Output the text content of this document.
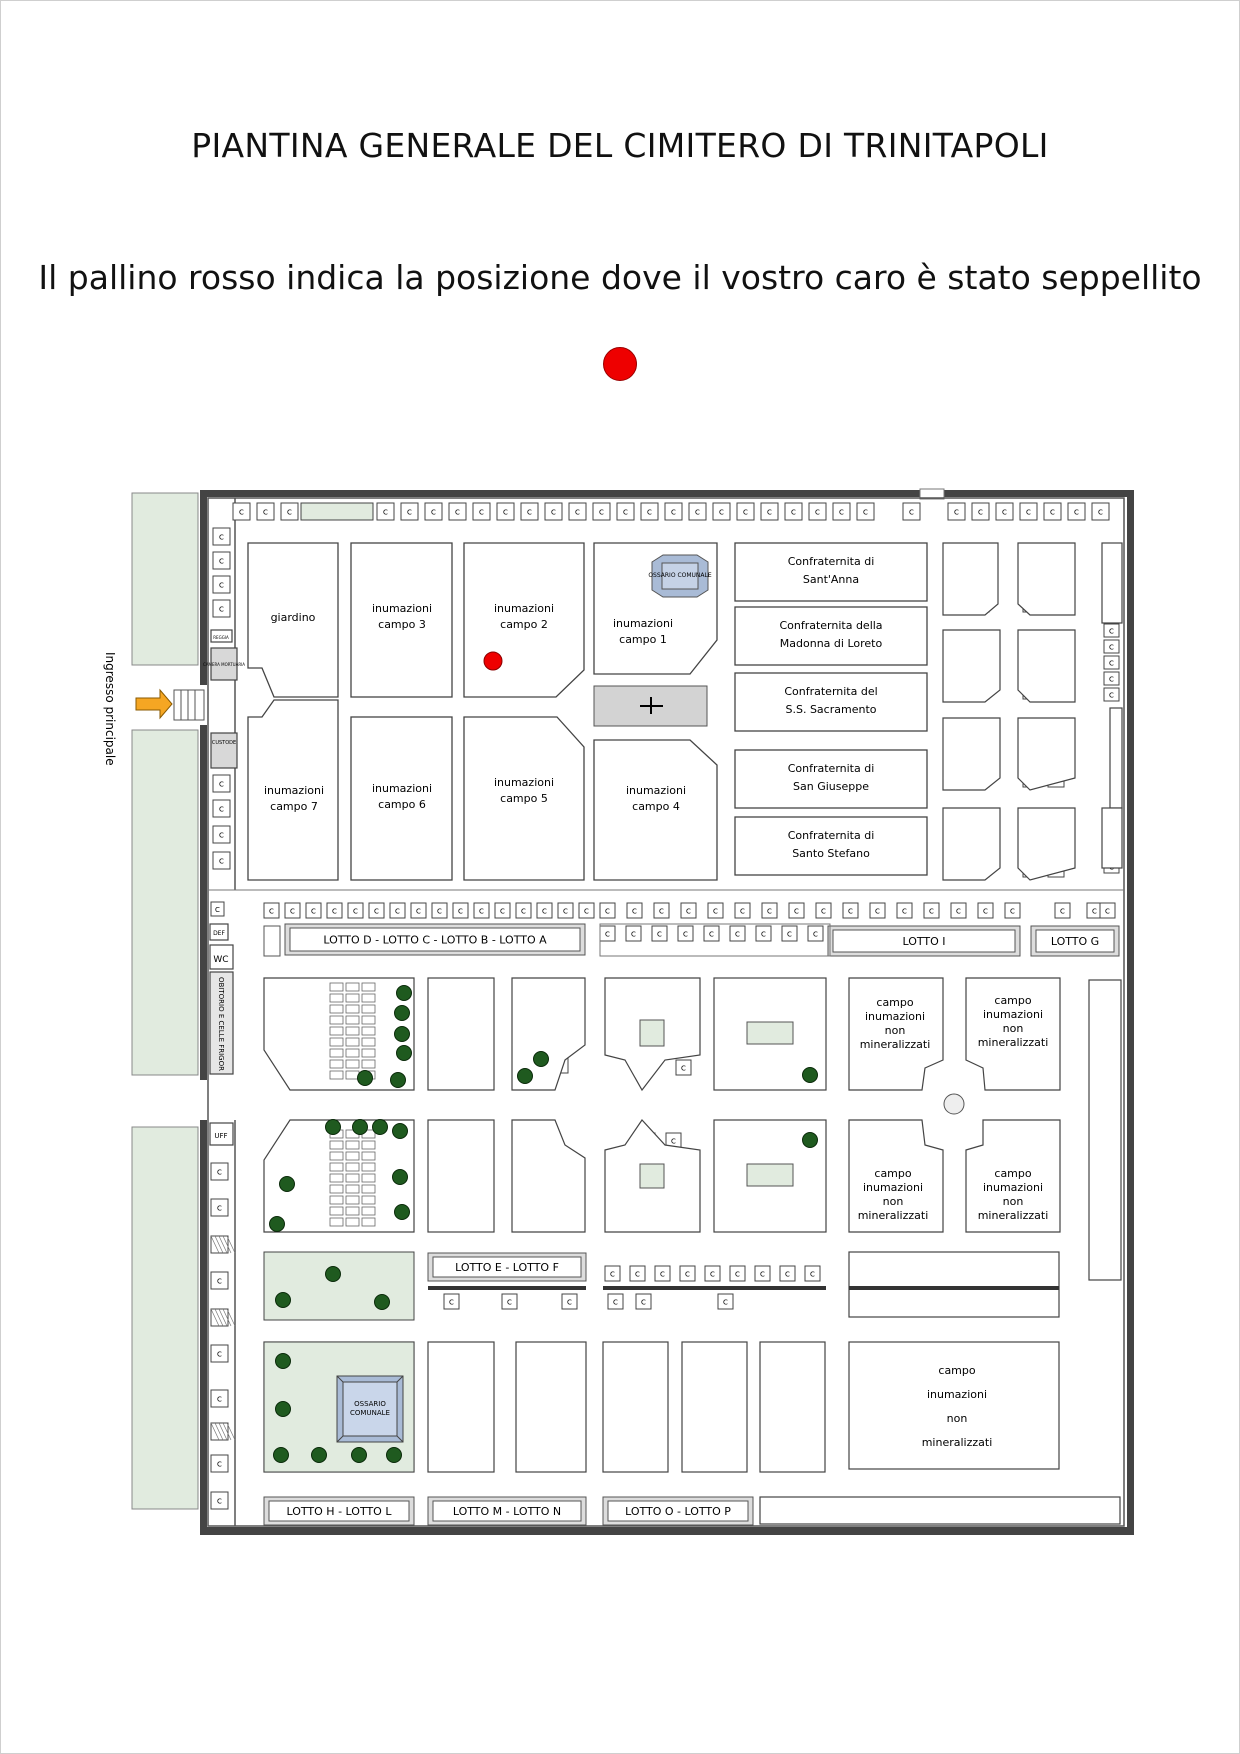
PIANTINA GENERALE DEL CIMITERO DI TRINITAPOLI
Il pallino rosso indica la posizione dove il vostro caro è stato seppellito
Ingresso principale
C	C	C	C	C	C	C	C	C	C	C	C	C	C	C	C	C	C	C	C	C	C	C	C	C	C	C	C	C	C	C	C
C
C
C
C
C
C
C
C
C
C
C
C
C
C
C
C	C C C C C C C C C C C C C C C C C	C	C	C	C	C	C	C	C	C	C	C	C	C	C	C	C	C C
C	C	C	C	C	C	C	C	C
C
C
C
C
C
C
C
C	C	C
C	C	C	C	C	C	C	C	C
C	C	C
OSSARIO COMUNALE
giardino
inumazioni campo 3
inumazioni campo 2	inumazioni campo 1
inumazioni campo 7
inumazioni campo 6
inumazioni campo 5
inumazioni campo 4
Confraternita di Sant'Anna
Confraternita della Madonna di Loreto
Confraternita del S.S. Sacramento
Confraternita di San Giuseppe
Confraternita di Santo Stefano
REGGIA
CAMERA MORTUARIA
CUSTODE
DEF
WC
OBITORIO E CELLE FRIGOR
UFF
LOTTO D - LOTTO C - LOTTO B - LOTTO A	LOTTO I	LOTTO G
LOTTO E - LOTTO F
LOTTO H - LOTTO L	LOTTO M - LOTTO N	LOTTO O - LOTTO P
campo inumazioni non mineralizzati
campo inumazioni non mineralizzati
campo inumazioni non mineralizzati
campo inumazioni non mineralizzati
campo inumazioni non mineralizzati
OSSARIO COMUNALE
